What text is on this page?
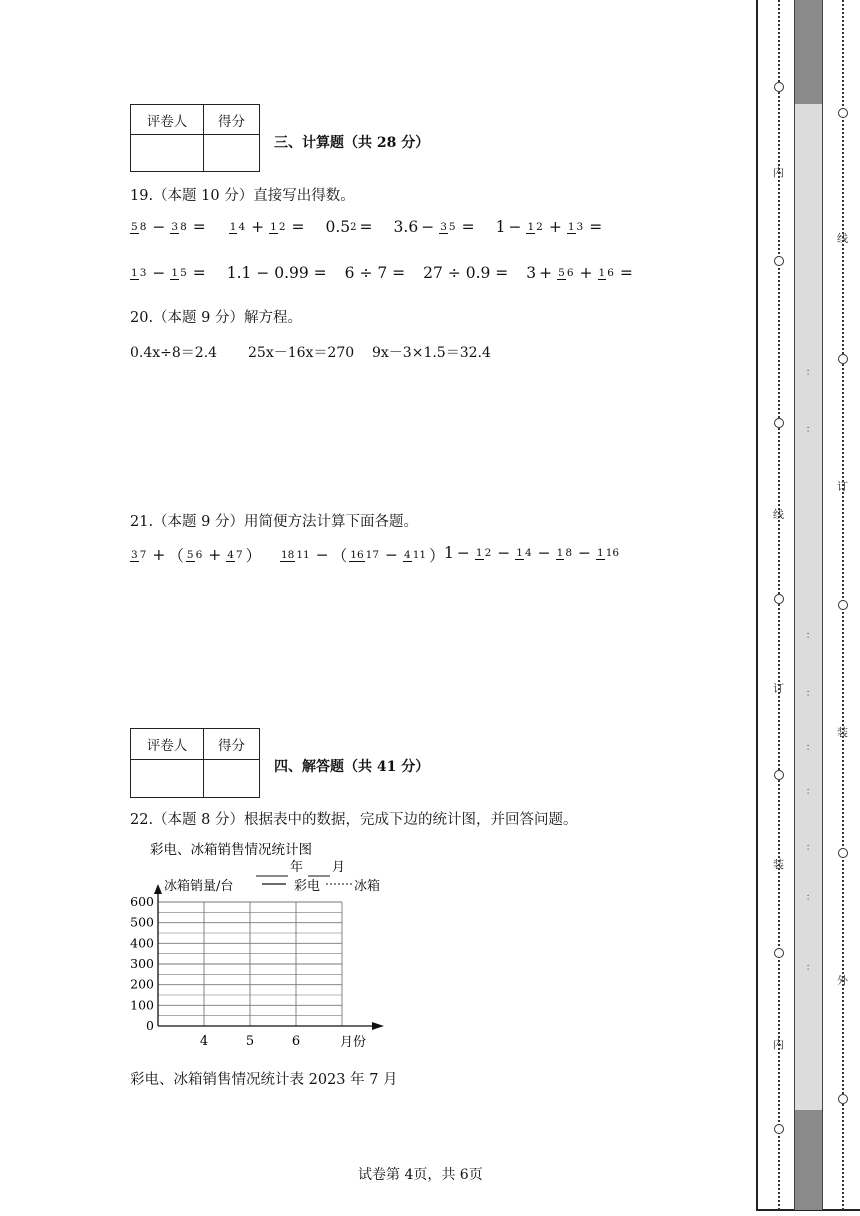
评卷人	得分

三、计算题（共 28 分）
19.（本题 10 分）直接写出得数。
5 8 − 3 8 = 1 4 + 1 2 = 0.5 2 = 3.6 − 3 5 = 1 − 1 2 + 1 3 =
1 3 − 1 5 = 1.1 − 0.99 = 6 ÷ 7 = 27 ÷ 0.9 = 3 + 5 6 + 1 6 =
20.（本题 9 分）解方程。
0.4x÷8＝2.4 25x－16x＝270 9x－3×1.5＝32.4
21.（本题 9 分）用简便方法计算下面各题。
3 7 + （ 5 6 + 4 7 ） 18 11 − （ 16 17 − 4 11 ） 1 − 1 2 − 1 4 − 1 8 − 1 16
评卷人	得分

四、解答题（共 41 分）
22.（本题 8 分）根据表中的数据，完成下边的统计图，并回答问题。
彩电、冰箱销售情况统计图
年 月
冰箱销量/台	彩电	冰箱
0
100
200
300
400
500
600
4	5	6	月份
彩电、冰箱销售情况统计表 2023 年 7 月
试卷第 4页，共 6页
内
线
订
装
内
：
：
：
：
：
：
：
：
：
线
订
装
外
